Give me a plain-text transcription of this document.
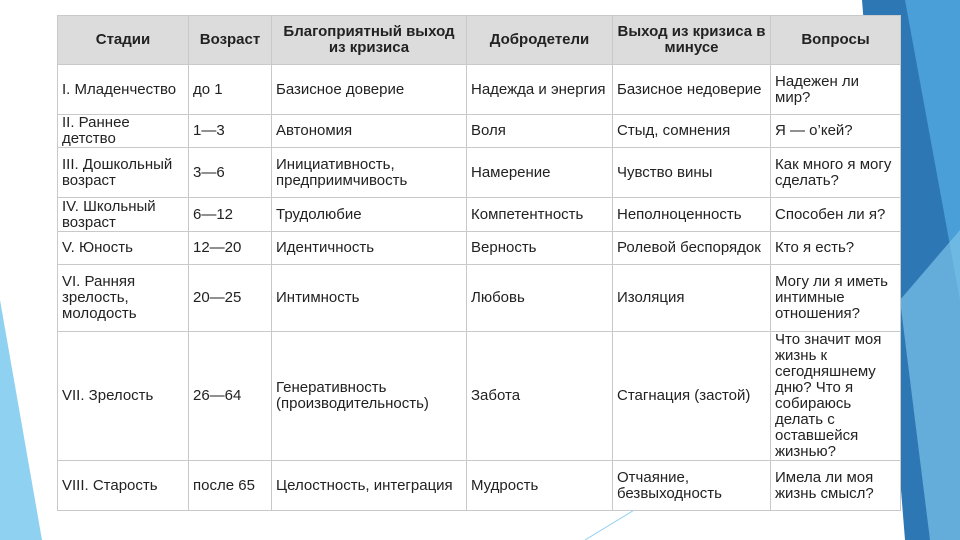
Стадии	Возраст	Благоприятный выход из кризиса	Добродетели	Выход из кризиса в минусе	Вопросы
I. Младенчество	до 1	Базисное доверие	Надежда и энергия	Базисное недоверие	Надежен ли мир?
II. Раннее детство	1—3	Автономия	Воля	Стыд, сомнения	Я — о’кей?
III. Дошкольный возраст	3—6	Инициативность, предприимчивость	Намерение	Чувство вины	Как много я могу сделать?
IV. Школьный возраст	6—12	Трудолюбие	Компетентность	Неполноценность	Способен ли я?
V. Юность	12—20	Идентичность	Верность	Ролевой беспорядок	Кто я есть?
VI. Ранняя зрелость, молодость	20—25	Интимность	Любовь	Изоляция	Могу ли я иметь интимные отношения?
VII. Зрелость	26—64	Генеративность (производительность)	Забота	Стагнация (застой)	Что значит моя жизнь к сегодняшнему дню? Что я собираюсь делать с оставшейся жизнью?
VIII. Старость	после 65	Целостность, интеграция	Мудрость	Отчаяние, безвыходность	Имела ли моя жизнь смысл?
